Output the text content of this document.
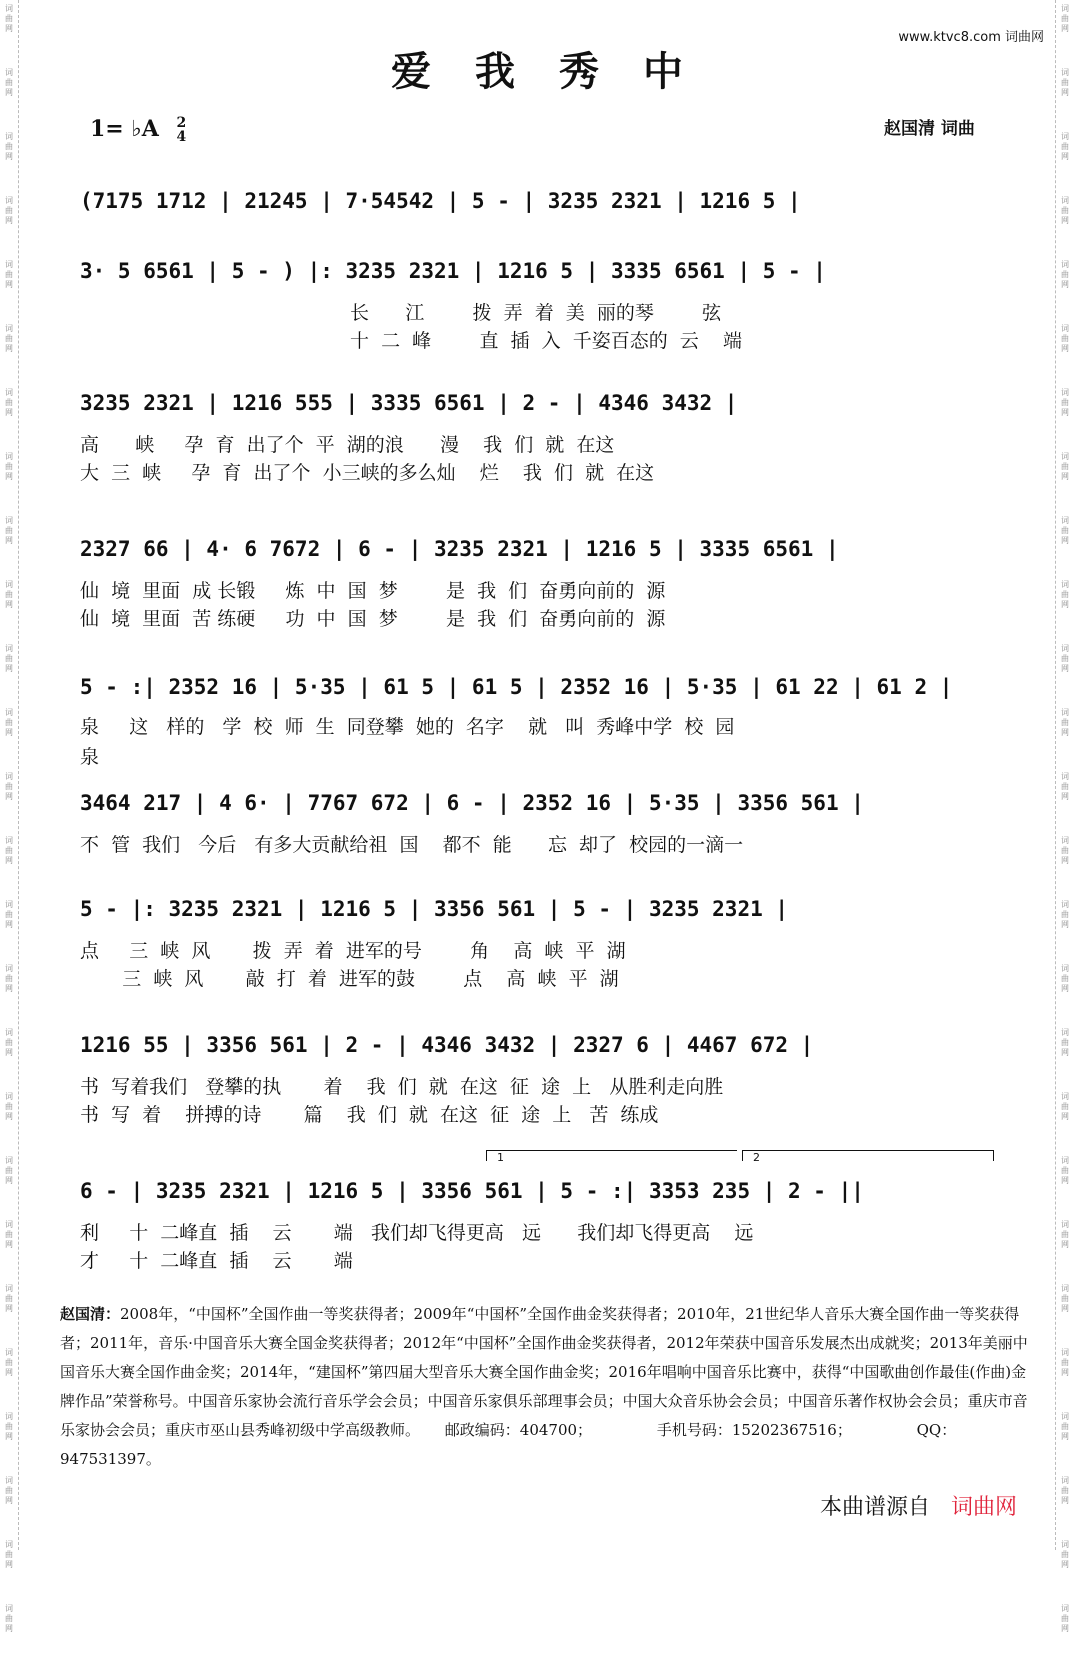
词
曲
网
词
曲
网
词
曲
网
词
曲
网
词
曲
网
词
曲
网
词
曲
网
词
曲
网
词
曲
网
词
曲
网
词
曲
网
词
曲
网
词
曲
网
词
曲
网
词
曲
网
词
曲
网
词
曲
网
词
曲
网
词
曲
网
词
曲
网
词
曲
网
词
曲
网
词
曲
网
词
曲
网
词
曲
网
词
曲
网
词
曲
网
词
曲
网
词
曲
网
词
曲
网
词
曲
网
词
曲
网
词
曲
网
词
曲
网
词
曲
网
词
曲
网
词
曲
网
词
曲
网
词
曲
网
词
曲
网
词
曲
网
词
曲
网
词
曲
网
词
曲
网
词
曲
网
词
曲
网
词
曲
网
词
曲
网
词
曲
网
词
曲
网
词
曲
网
词
曲
网
www.ktvc8.com 词曲网
爱我秀中
1= ♭A 2
4	赵国清 词曲
(7175 1712 | 21245 | 7·54542 | 5 - | 3235 2321 | 1216 5 |
3· 5 6561 | 5 - ) |: 3235 2321 | 1216 5 | 3335 6561 | 5 - |
长      江        拨  弄  着  美  丽的琴        弦
十  二  峰        直  插  入  千姿百态的  云    端
3235 2321 | 1216 555 | 3335 6561 | 2 - | 4346 3432 |
高      峡     孕  育  出了个  平  湖的浪      漫    我  们  就  在这
大  三  峡     孕  育  出了个  小三峡的多么灿    烂    我  们  就  在这
2327 66 | 4· 6 7672 | 6 - | 3235 2321 | 1216 5 | 3335 6561 |
仙  境  里面  成 长锻     炼  中  国  梦        是  我  们  奋勇向前的  源
仙  境  里面  苦 练硬     功  中  国  梦        是  我  们  奋勇向前的  源
5 - :| 2352 16 | 5·35 | 61 5 | 61 5 | 2352 16 | 5·35 | 61 22 | 61 2 |
泉     这   样的   学  校  师  生  同登攀  她的  名字    就   叫  秀峰中学  校  园
泉
3464 217 | 4 6· | 7767 672 | 6 - | 2352 16 | 5·35 | 3356 561 |
不  管  我们   今后   有多大贡献给祖  国    都不  能      忘  却了  校园的一滴一
5 - |: 3235 2321 | 1216 5 | 3356 561 | 5 - | 3235 2321 |
点     三  峡  风       拨  弄  着  进军的号        角    高  峡  平  湖
三  峡  风       敲  打  着  进军的鼓        点    高  峡  平  湖
1216 55 | 3356 561 | 2 - | 4346 3432 | 2327 6 | 4467 672 |
书  写着我们   登攀的执       着    我  们  就  在这  征  途  上   从胜利走向胜
书  写  着    拼搏的诗       篇    我  们  就  在这  征  途  上   苦  练成
1	2
6 - | 3235 2321 | 1216 5 | 3356 561 | 5 - :| 3353 235 | 2 - ||
利     十  二峰直  插    云       端   我们却飞得更高   远      我们却飞得更高    远
才     十  二峰直  插    云       端
赵国清：2008年，“中国杯”全国作曲一等奖获得者；2009年“中国杯”全国作曲金奖获得者；2010年，21世纪华人音乐大赛全国作曲一等奖获得者；2011年，音乐·中国音乐大赛全国金奖获得者；2012年“中国杯”全国作曲金奖获得者，2012年荣获中国音乐发展杰出成就奖；2013年美丽中国音乐大赛全国作曲金奖；2014年，“建国杯”第四届大型音乐大赛全国作曲金奖；2016年唱响中国音乐比赛中，获得“中国歌曲创作最佳(作曲)金牌作品”荣誉称号。中国音乐家协会流行音乐学会会员；中国音乐家俱乐部理事会员；中国大众音乐协会会员；中国音乐著作权协会会员；重庆市音乐家协会会员；重庆市巫山县秀峰初级中学高级教师。 邮政编码：404700；	手机号码：15202367516；	QQ：947531397。
本曲谱源自 词曲网
